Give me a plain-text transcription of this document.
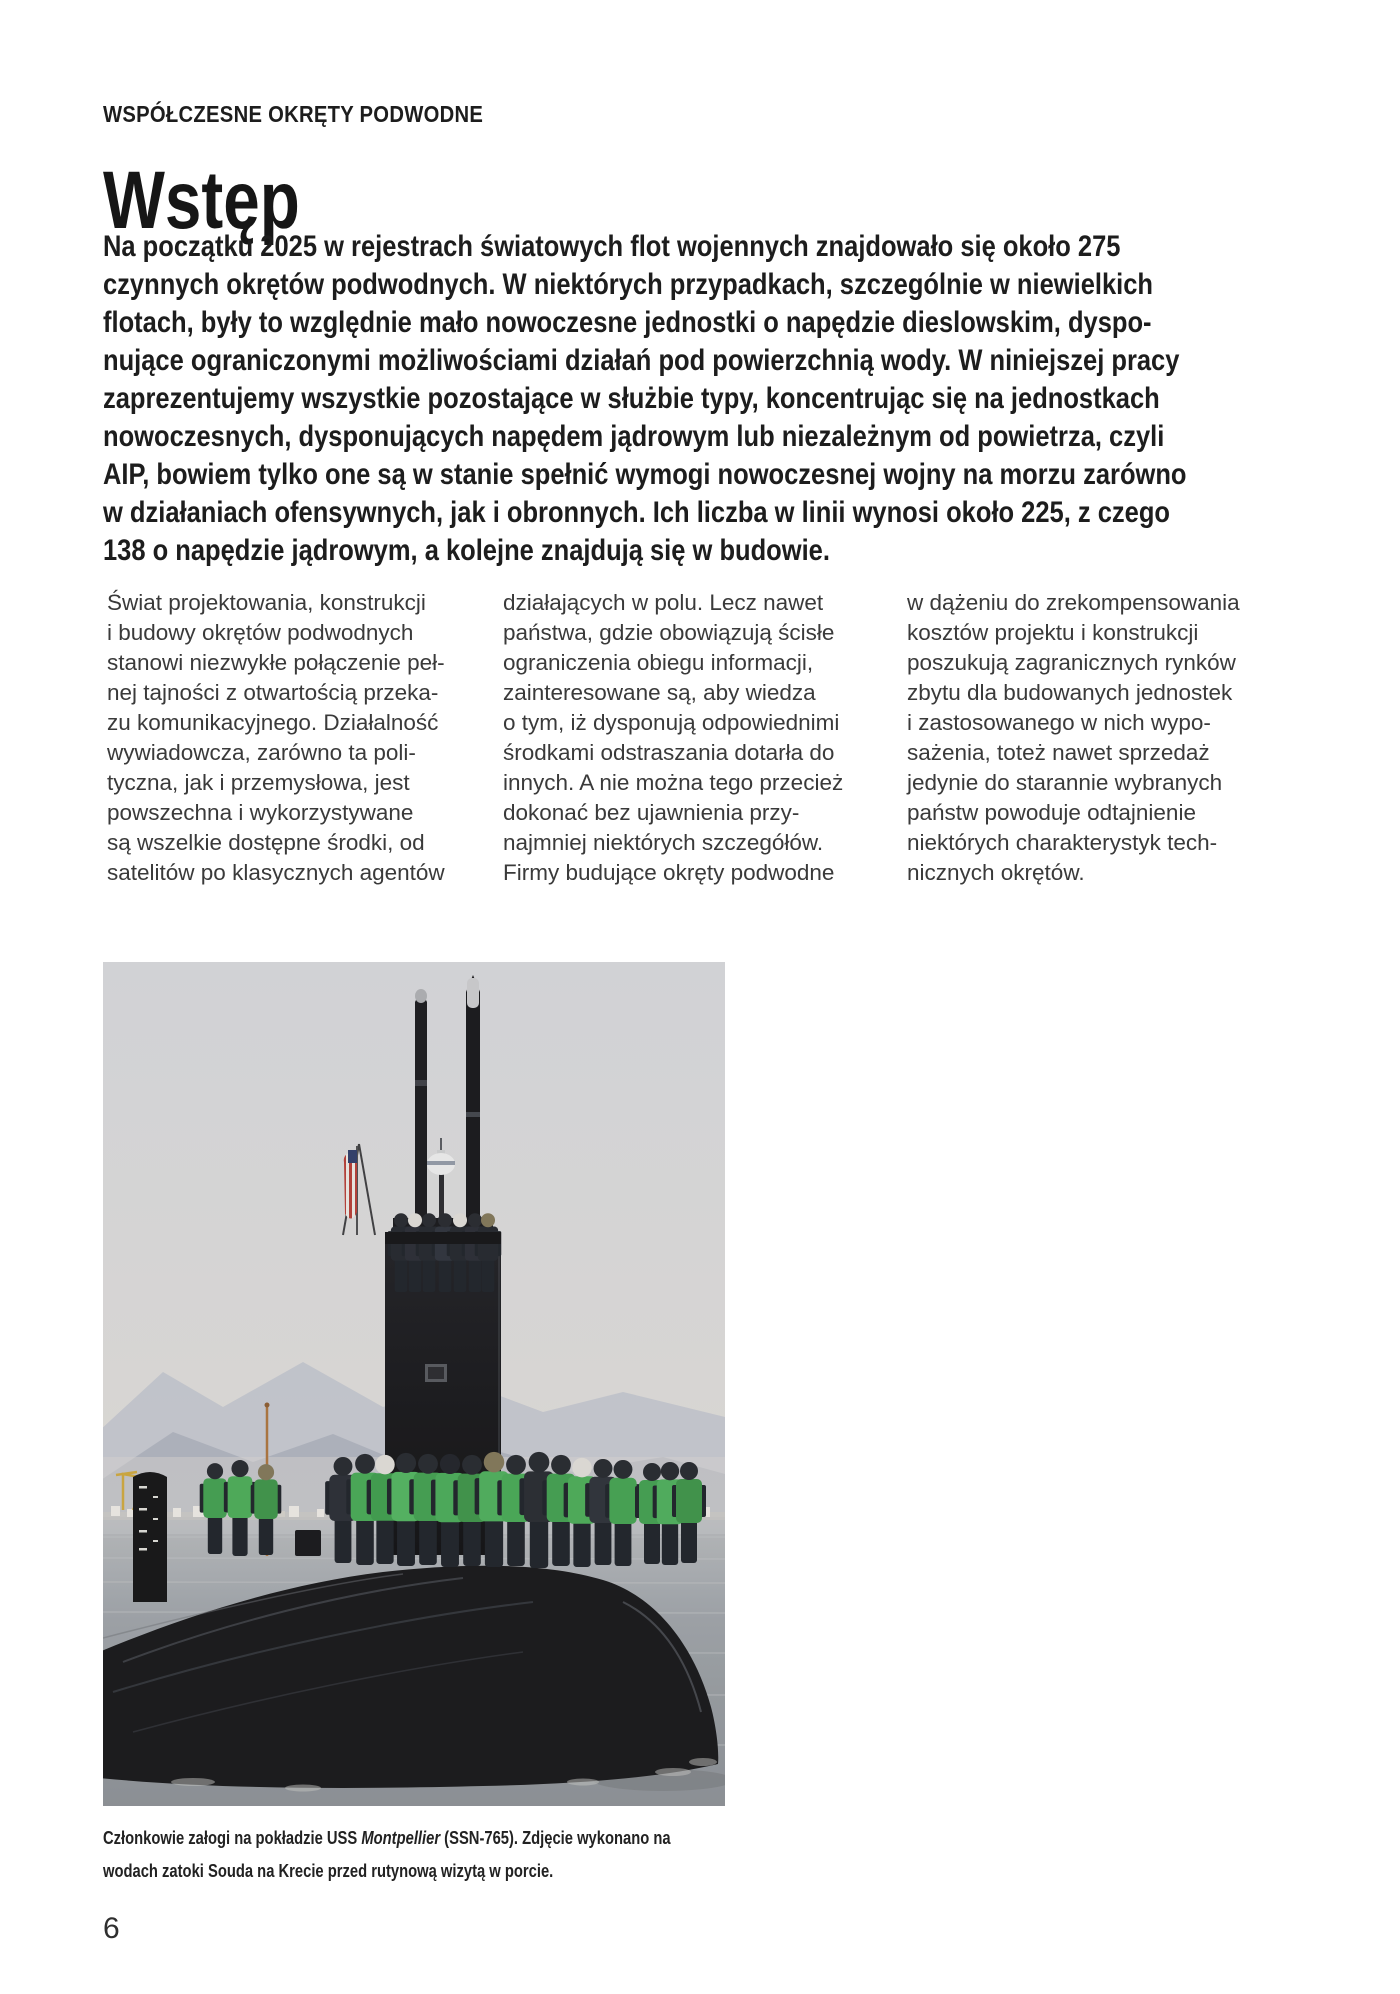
WSPÓŁCZESNE OKRĘTY PODWODNE
Wstęp
Na początku 2025 w rejestrach światowych flot wojennych znajdowało się około 275
czynnych okrętów podwodnych. W niektórych przypadkach, szczególnie w niewielkich
flotach, były to względnie mało nowoczesne jednostki o napędzie dieslowskim, dyspo-
nujące ograniczonymi możliwościami działań pod powierzchnią wody. W niniejszej pracy
zaprezentujemy wszystkie pozostające w służbie typy, koncentrując się na jednostkach
nowoczesnych, dysponujących napędem jądrowym lub niezależnym od powietrza, czyli
AIP, bowiem tylko one są w stanie spełnić wymogi nowoczesnej wojny na morzu zarówno
w działaniach ofensywnych, jak i obronnych. Ich liczba w linii wynosi około 225, z czego
138 o napędzie jądrowym, a kolejne znajdują się w budowie.
Świat projektowania, konstrukcji
i budowy okrętów podwodnych
stanowi niezwykłe połączenie peł-
nej tajności z otwartością przeka-
zu komunikacyjnego. Działalność
wywiadowcza, zarówno ta poli-
tyczna, jak i przemysłowa, jest
powszechna i wykorzystywane
są wszelkie dostępne środki, od
satelitów po klasycznych agentów
działających w polu. Lecz nawet
państwa, gdzie obowiązują ścisłe
ograniczenia obiegu informacji,
zainteresowane są, aby wiedza
o tym, iż dysponują odpowiednimi
środkami odstraszania dotarła do
innych. A nie można tego przecież
dokonać bez ujawnienia przy-
najmniej niektórych szczegółów.
Firmy budujące okręty podwodne
w dążeniu do zrekompensowania
kosztów projektu i konstrukcji
poszukują zagranicznych rynków
zbytu dla budowanych jednostek
i zastosowanego w nich wypo-
sażenia, toteż nawet sprzedaż
jedynie do starannie wybranych
państw powoduje odtajnienie
niektórych charakterystyk tech-
nicznych okrętów.
Członkowie załogi na pokładzie USS Montpellier (SSN-765). Zdjęcie wykonano na
wodach zatoki Souda na Krecie przed rutynową wizytą w porcie.
6
